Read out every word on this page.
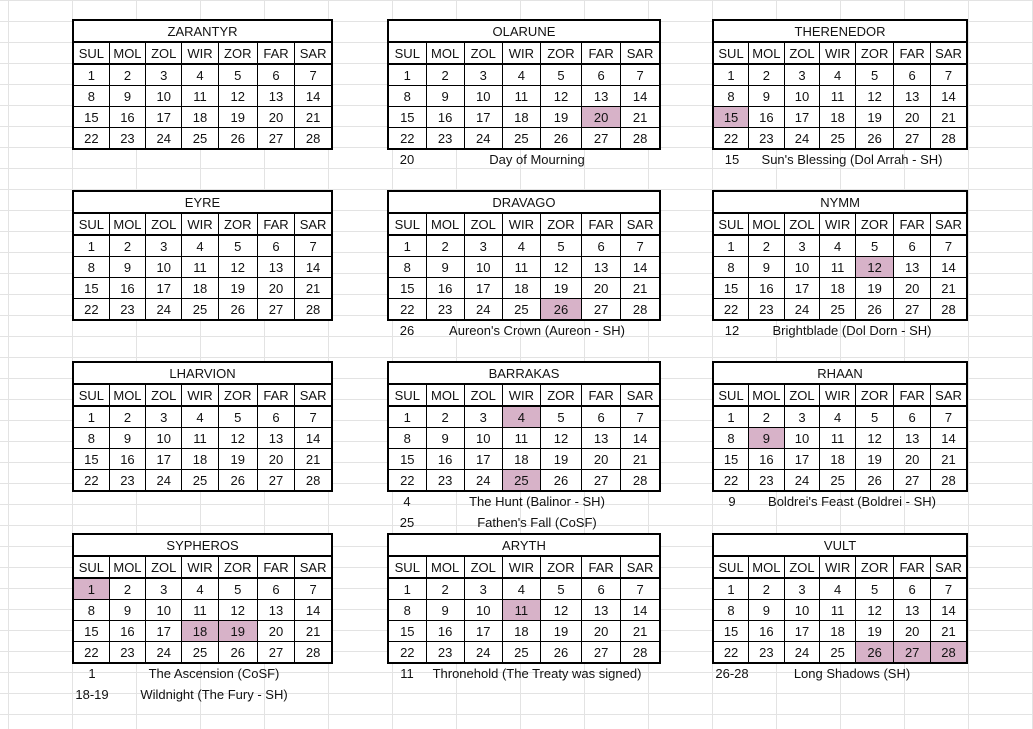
ZARANTYR						
SUL	MOL	ZOL	WIR	ZOR	FAR	SAR
1	2	3	4	5	6	7
8	9	10	11	12	13	14
15	16	17	18	19	20	21
22	23	24	25	26	27	28
OLARUNE						
SUL	MOL	ZOL	WIR	ZOR	FAR	SAR
1	2	3	4	5	6	7
8	9	10	11	12	13	14
15	16	17	18	19	20	21
22	23	24	25	26	27	28
20	Day of Mourning
THERENEDOR						
SUL	MOL	ZOL	WIR	ZOR	FAR	SAR
1	2	3	4	5	6	7
8	9	10	11	12	13	14
15	16	17	18	19	20	21
22	23	24	25	26	27	28
15	Sun's Blessing (Dol Arrah - SH)
EYRE						
SUL	MOL	ZOL	WIR	ZOR	FAR	SAR
1	2	3	4	5	6	7
8	9	10	11	12	13	14
15	16	17	18	19	20	21
22	23	24	25	26	27	28
DRAVAGO						
SUL	MOL	ZOL	WIR	ZOR	FAR	SAR
1	2	3	4	5	6	7
8	9	10	11	12	13	14
15	16	17	18	19	20	21
22	23	24	25	26	27	28
26	Aureon's Crown (Aureon - SH)
NYMM						
SUL	MOL	ZOL	WIR	ZOR	FAR	SAR
1	2	3	4	5	6	7
8	9	10	11	12	13	14
15	16	17	18	19	20	21
22	23	24	25	26	27	28
12	Brightblade (Dol Dorn - SH)
LHARVION						
SUL	MOL	ZOL	WIR	ZOR	FAR	SAR
1	2	3	4	5	6	7
8	9	10	11	12	13	14
15	16	17	18	19	20	21
22	23	24	25	26	27	28
BARRAKAS						
SUL	MOL	ZOL	WIR	ZOR	FAR	SAR
1	2	3	4	5	6	7
8	9	10	11	12	13	14
15	16	17	18	19	20	21
22	23	24	25	26	27	28
4	The Hunt (Balinor - SH)
25	Fathen's Fall (CoSF)
RHAAN						
SUL	MOL	ZOL	WIR	ZOR	FAR	SAR
1	2	3	4	5	6	7
8	9	10	11	12	13	14
15	16	17	18	19	20	21
22	23	24	25	26	27	28
9	Boldrei's Feast (Boldrei - SH)
SYPHEROS						
SUL	MOL	ZOL	WIR	ZOR	FAR	SAR
1	2	3	4	5	6	7
8	9	10	11	12	13	14
15	16	17	18	19	20	21
22	23	24	25	26	27	28
1	The Ascension (CoSF)
18-19	Wildnight (The Fury - SH)
ARYTH						
SUL	MOL	ZOL	WIR	ZOR	FAR	SAR
1	2	3	4	5	6	7
8	9	10	11	12	13	14
15	16	17	18	19	20	21
22	23	24	25	26	27	28
11	Thronehold (The Treaty was signed)
VULT						
SUL	MOL	ZOL	WIR	ZOR	FAR	SAR
1	2	3	4	5	6	7
8	9	10	11	12	13	14
15	16	17	18	19	20	21
22	23	24	25	26	27	28
26-28	Long Shadows (SH)
